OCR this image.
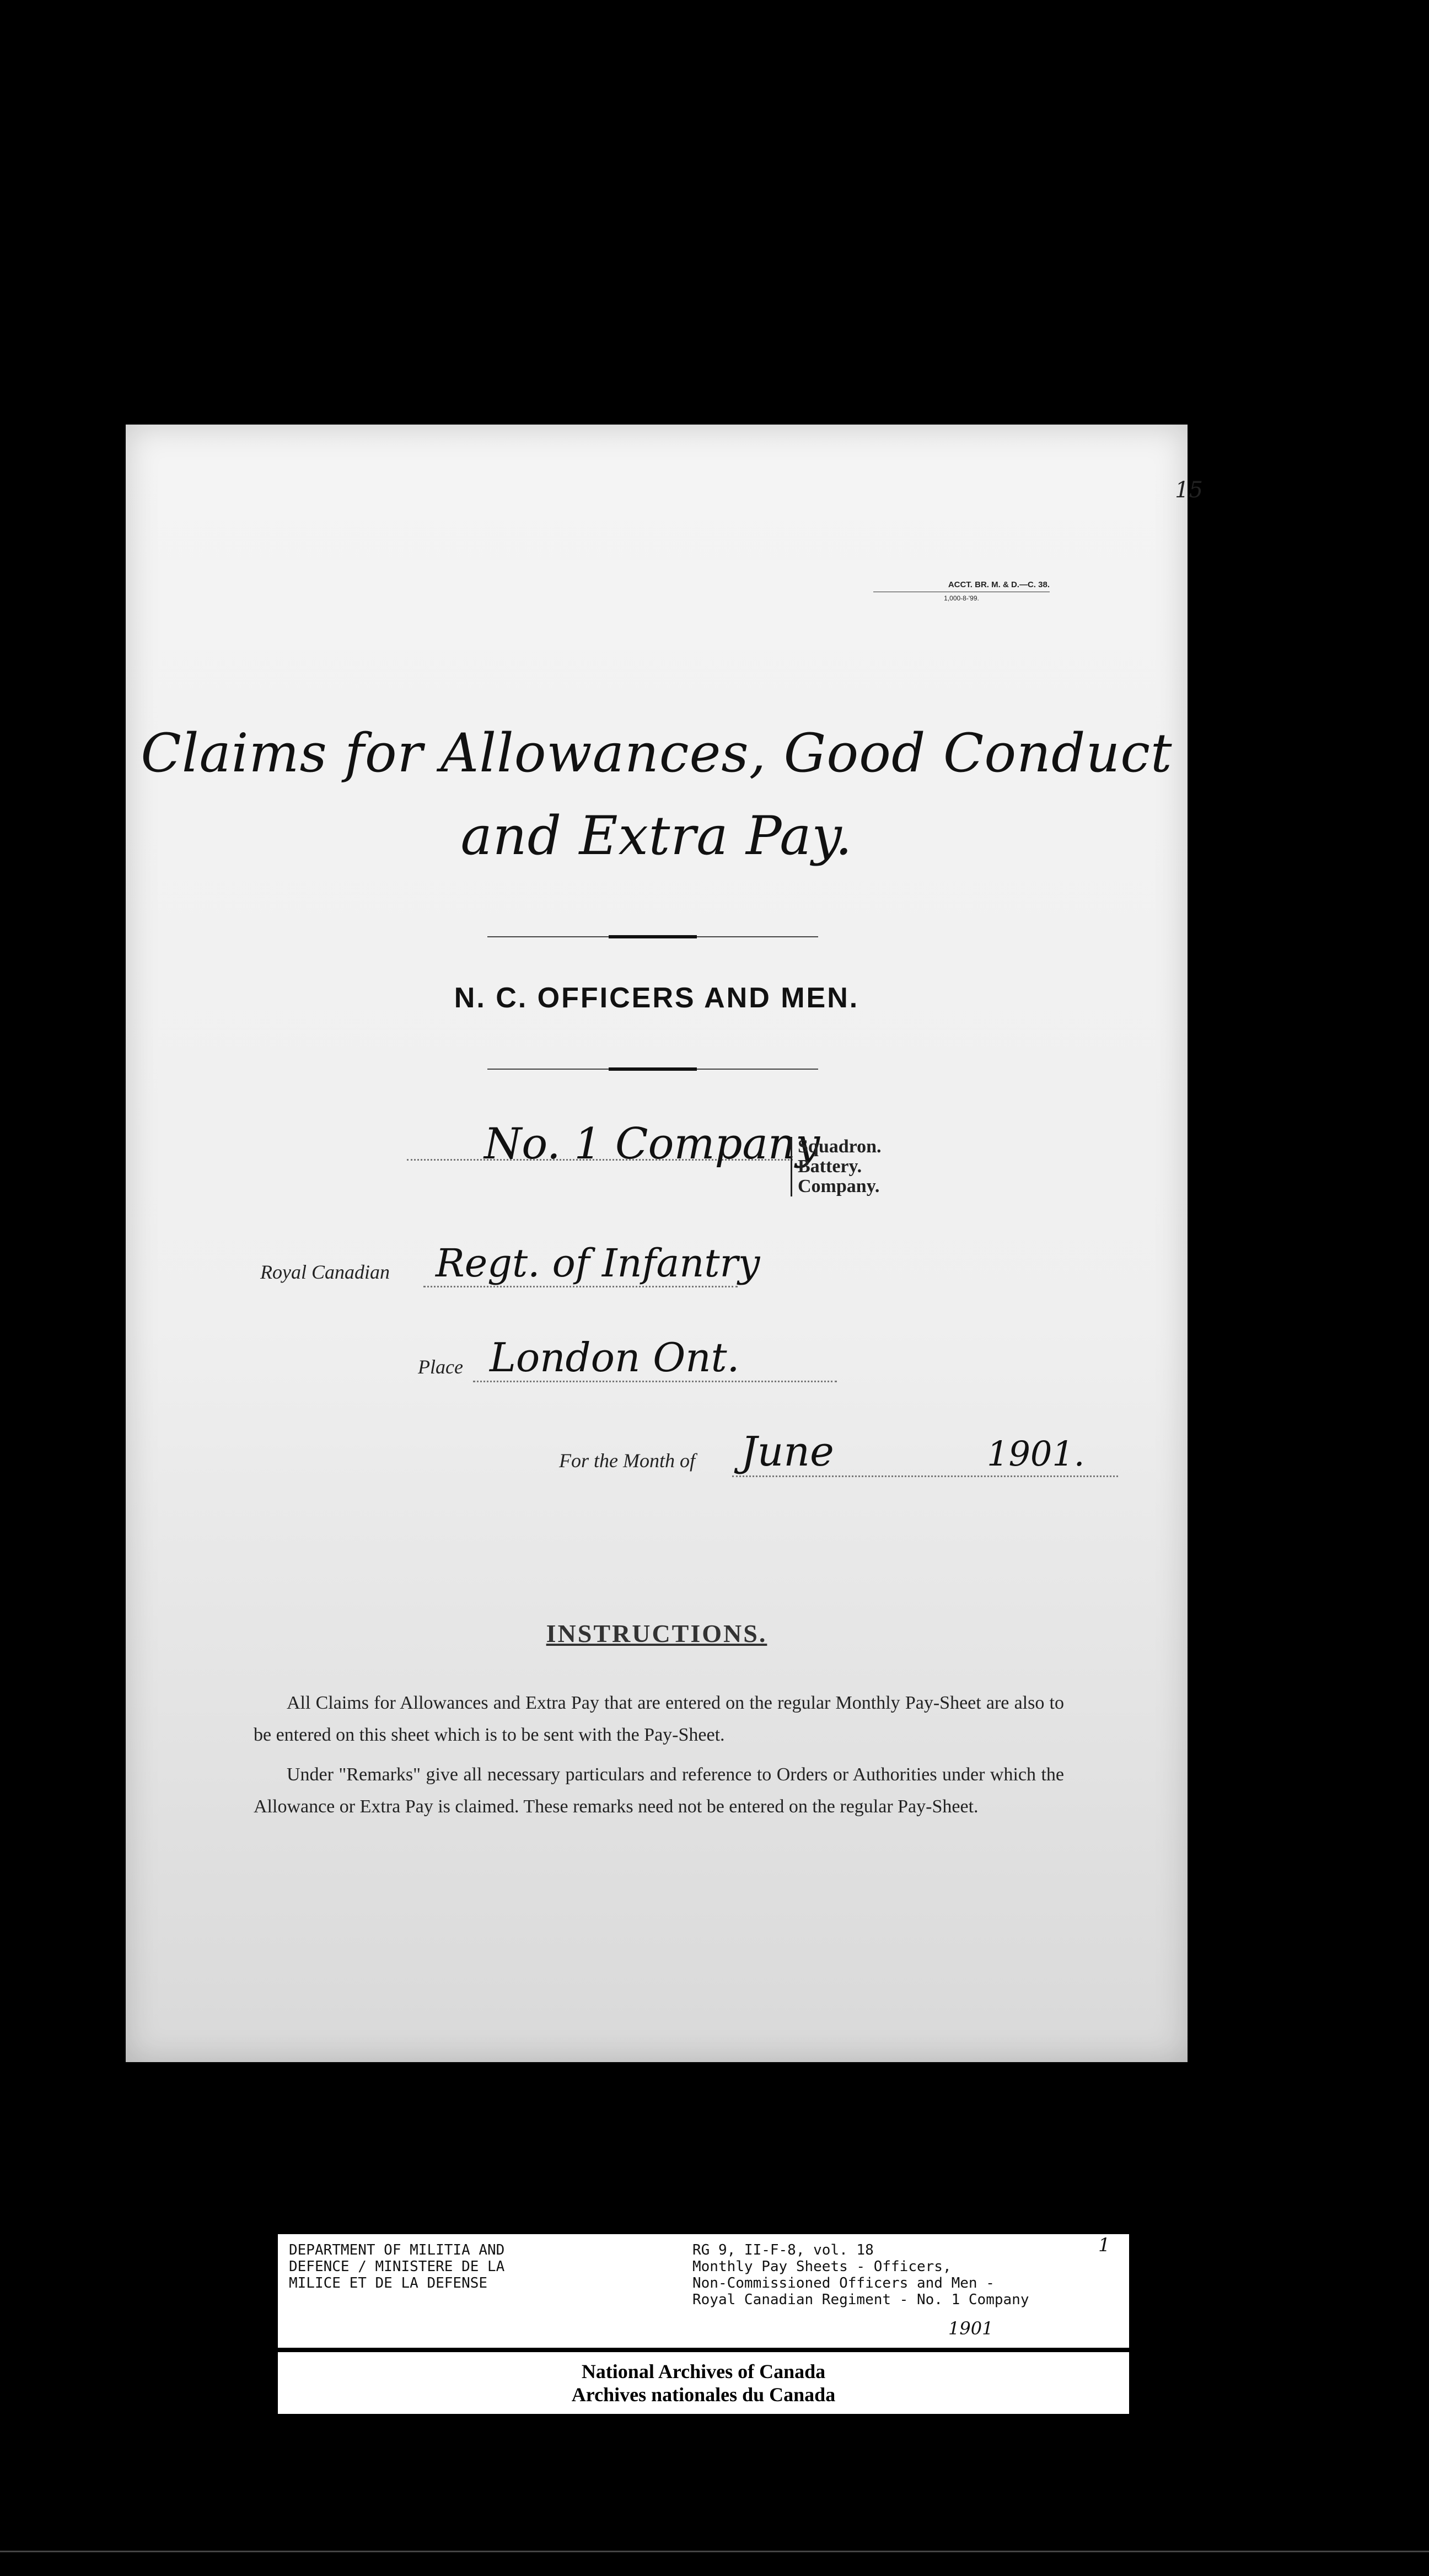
15
ACCT. BR. M. & D.—C. 38.
1,000-8-'99.
Claims for Allowances, Good Conduct
and Extra Pay.
N. C. OFFICERS AND MEN.
No. 1 Company
Squadron.
Battery.
Company.
Royal Canadian Regt. of Infantry
Place London Ont.
For the Month of June	1901.
INSTRUCTIONS.

All Claims for Allowances and Extra Pay that are entered on the regular Monthly Pay-Sheet are also to be entered on this sheet which is to be sent with the Pay-Sheet.

Under "Remarks" give all necessary particulars and reference to Orders or Authorities under which the Allowance or Extra Pay is claimed. These remarks need not be entered on the regular Pay-Sheet.

DEPARTMENT OF MILITIA AND
DEFENCE / MINISTERE DE LA
MILICE ET DE LA DEFENSE
RG 9, II-F-8, vol. 18
Monthly Pay Sheets - Officers,
Non-Commissioned Officers and Men -
Royal Canadian Regiment - No. 1 Company
1
1901
National Archives of Canada
Archives nationales du Canada
